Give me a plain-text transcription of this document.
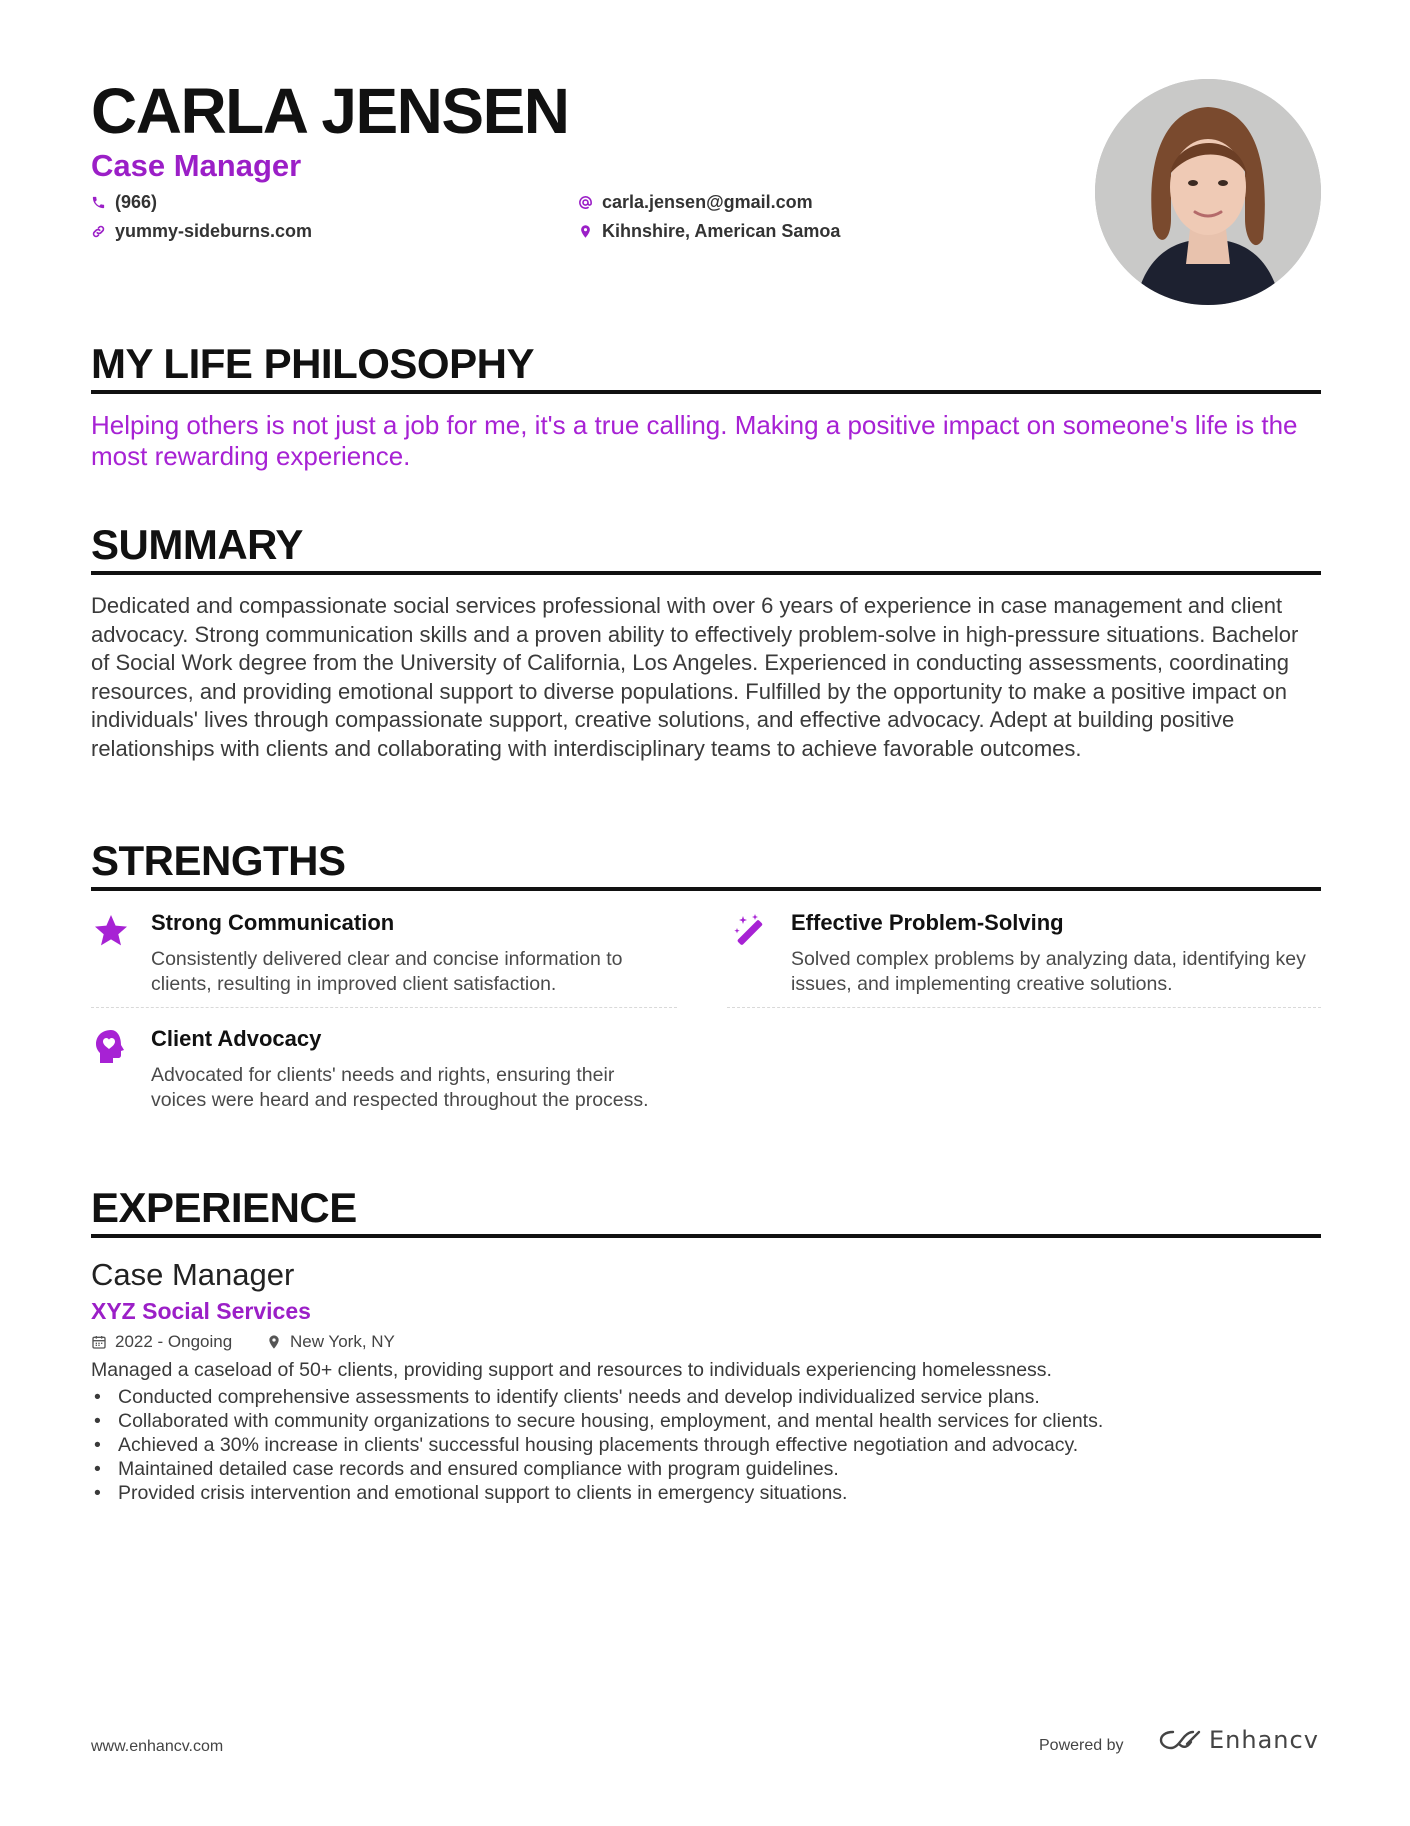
CARLA JENSEN
Case Manager
(966)	carla.jensen@gmail.com
yummy-sideburns.com	Kihnshire, American Samoa
MY LIFE PHILOSOPHY
Helping others is not just a job for me, it's a true calling. Making a positive impact on someone's life is the most rewarding experience.
SUMMARY
Dedicated and compassionate social services professional with over 6 years of experience in case management and client advocacy. Strong communication skills and a proven ability to effectively problem-solve in high-pressure situations. Bachelor of Social Work degree from the University of California, Los Angeles. Experienced in conducting assessments, coordinating resources, and providing emotional support to diverse populations. Fulfilled by the opportunity to make a positive impact on individuals' lives through compassionate support, creative solutions, and effective advocacy. Adept at building positive relationships with clients and collaborating with interdisciplinary teams to achieve favorable outcomes.
STRENGTHS
Strong Communication
Consistently delivered clear and concise information to clients, resulting in improved client satisfaction.
Effective Problem-Solving
Solved complex problems by analyzing data, identifying key issues, and implementing creative solutions.
Client Advocacy
Advocated for clients' needs and rights, ensuring their voices were heard and respected throughout the process.
EXPERIENCE
Case Manager
XYZ Social Services
2022 - Ongoing	New York, NY
Managed a caseload of 50+ clients, providing support and resources to individuals experiencing homelessness.
• Conducted comprehensive assessments to identify clients' needs and develop individualized service plans.
• Collaborated with community organizations to secure housing, employment, and mental health services for clients.
• Achieved a 30% increase in clients' successful housing placements through effective negotiation and advocacy.
• Maintained detailed case records and ensured compliance with program guidelines.
• Provided crisis intervention and emotional support to clients in emergency situations.
www.enhancv.com	Powered by	Enhancv
